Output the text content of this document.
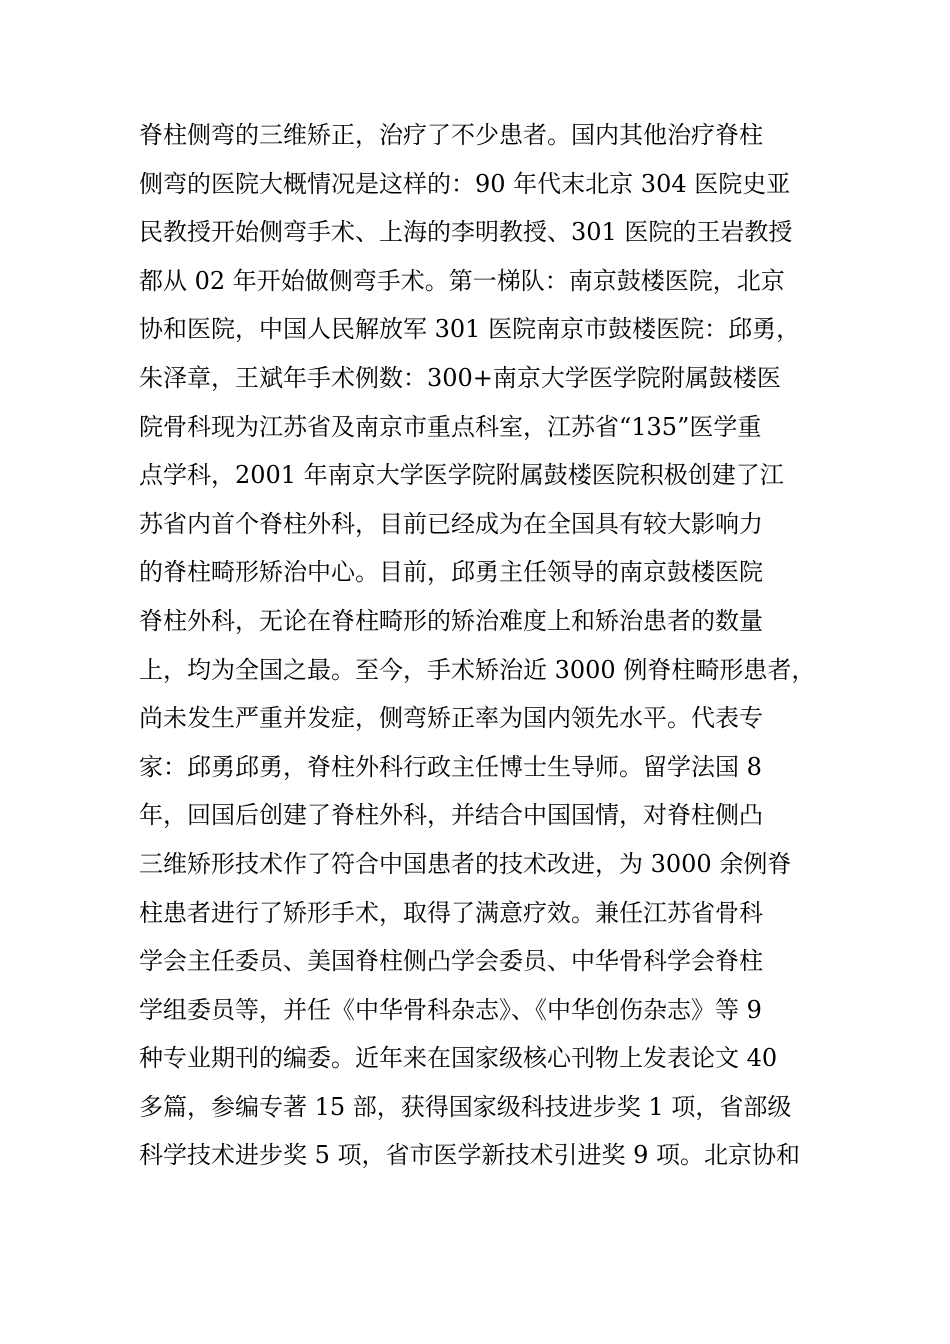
脊柱侧弯的三维矫正，治疗了不少患者。国内其他治疗脊柱
侧弯的医院大概情况是这样的：90 年代末北京 304 医院史亚
民教授开始侧弯手术、上海的李明教授、301 医院的王岩教授
都从 02 年开始做侧弯手术。第一梯队：南京鼓楼医院，北京
协和医院，中国人民解放军 301 医院南京市鼓楼医院：邱勇，
朱泽章，王斌年手术例数：300+南京大学医学院附属鼓楼医
院骨科现为江苏省及南京市重点科室，江苏省“135”医学重
点学科，2001 年南京大学医学院附属鼓楼医院积极创建了江
苏省内首个脊柱外科，目前已经成为在全国具有较大影响力
的脊柱畸形矫治中心。目前，邱勇主任领导的南京鼓楼医院
脊柱外科，无论在脊柱畸形的矫治难度上和矫治患者的数量
上，均为全国之最。至今，手术矫治近 3000 例脊柱畸形患者，
尚未发生严重并发症，侧弯矫正率为国内领先水平。代表专
家：邱勇邱勇，脊柱外科行政主任博士生导师。留学法国 8
年，回国后创建了脊柱外科，并结合中国国情，对脊柱侧凸
三维矫形技术作了符合中国患者的技术改进，为 3000 余例脊
柱患者进行了矫形手术，取得了满意疗效。兼任江苏省骨科
学会主任委员、美国脊柱侧凸学会委员、中华骨科学会脊柱
学组委员等，并任《中华骨科杂志》、《中华创伤杂志》等 9
种专业期刊的编委。近年来在国家级核心刊物上发表论文 40
多篇，参编专著 15 部，获得国家级科技进步奖 1 项，省部级
科学技术进步奖 5 项，省市医学新技术引进奖 9 项。北京协和
